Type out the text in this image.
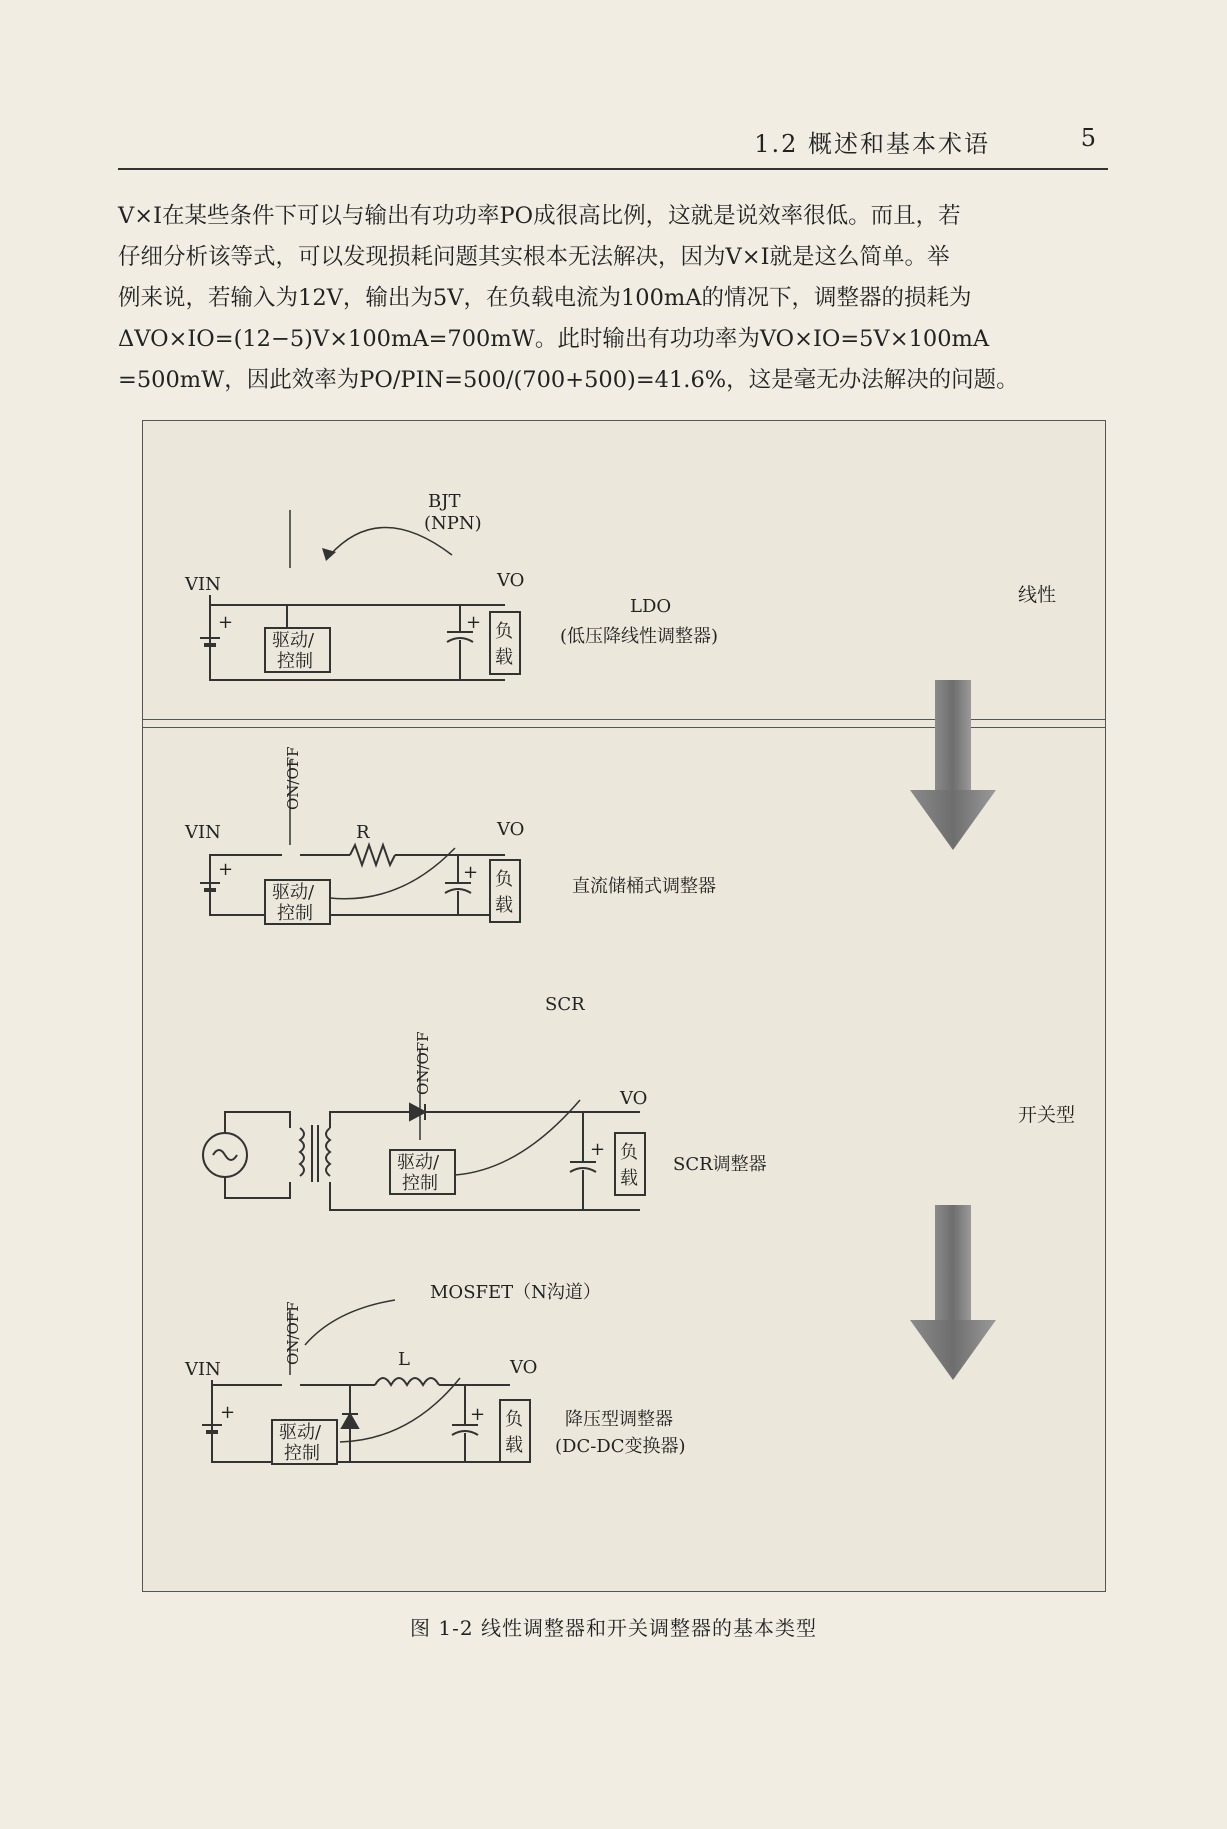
1.2 概述和基本术语	5

V×I在某些条件下可以与输出有功功率PO成很高比例，这就是说效率很低。而且，若

仔细分析该等式，可以发现损耗问题其实根本无法解决，因为V×I就是这么简单。举

例来说，若输入为12V，输出为5V，在负载电流为100mA的情况下，调整器的损耗为

ΔVO×IO=(12−5)V×100mA=700mW。此时输出有功功率为VO×IO=5V×100mA

=500mW，因此效率为PO/PIN=500/(700+500)=41.6%，这是毫无办法解决的问题。

线性
开关型
VIN	VO
+	+
驱动/
控制
负
载
BJT
(NPN)
LDO
(低压降线性调整器)
VIN	VO
R
+	+
驱动/
控制
负
载
直流储桶式调整器
ON/OFF
SCR
VO
+
驱动/
控制
负
载
SCR调整器
ON/OFF
MOSFET（N沟道）
VIN	VO
L
+	+
驱动/
控制
负
载
降压型调整器
(DC-DC变换器)
ON/OFF
图 1-2 线性调整器和开关调整器的基本类型
